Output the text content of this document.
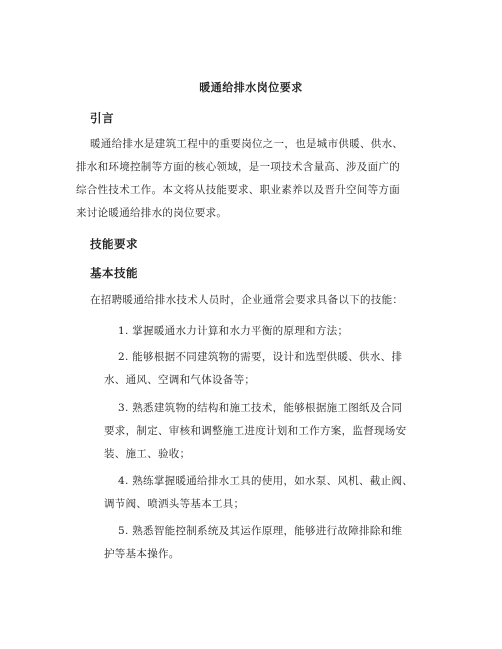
暖通给排水岗位要求
引言
暖通给排水是建筑工程中的重要岗位之一，也是城市供暖、供水、
排水和环境控制等方面的核心领域，是一项技术含量高、涉及面广的
综合性技术工作。本文将从技能要求、职业素养以及晋升空间等方面
来讨论暖通给排水的岗位要求。
技能要求
基本技能
在招聘暖通给排水技术人员时，企业通常会要求具备以下的技能：
1. 掌握暖通水力计算和水力平衡的原理和方法；
2. 能够根据不同建筑物的需要，设计和选型供暖、供水、排
水、通风、空调和气体设备等；
3. 熟悉建筑物的结构和施工技术，能够根据施工图纸及合同
要求，制定、审核和调整施工进度计划和工作方案，监督现场安
装、施工、验收；
4. 熟练掌握暖通给排水工具的使用，如水泵、风机、截止阀、
调节阀、喷洒头等基本工具；
5. 熟悉智能控制系统及其运作原理，能够进行故障排除和维
护等基本操作。
